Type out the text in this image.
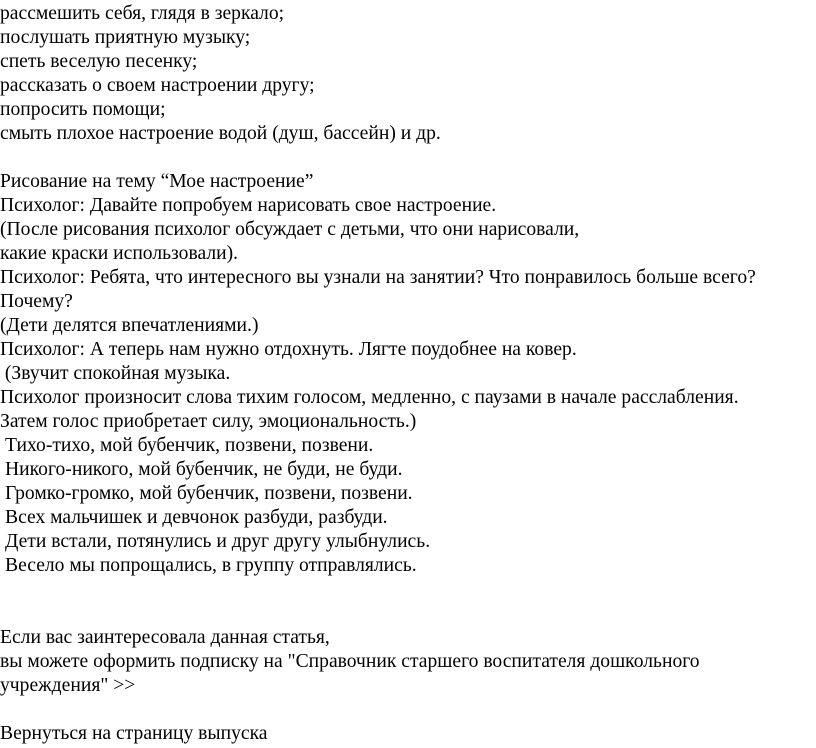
рассмешить себя, глядя в зеркало;
послушать приятную музыку;
спеть веселую песенку;
рассказать о своем настроении другу;
попросить помощи;
смыть плохое настроение водой (душ, бассейн) и др.
Рисование на тему “Мое настроение”
Психолог: Давайте попробуем нарисовать свое настроение.
(После рисования психолог обсуждает с детьми, что они нарисовали,
какие краски использовали).
Психолог: Ребята, что интересного вы узнали на занятии? Что понравилось больше всего?
Почему?
(Дети делятся впечатлениями.)
Психолог: А теперь нам нужно отдохнуть. Лягте поудобнее на ковер.
(Звучит спокойная музыка.
Психолог произносит слова тихим голосом, медленно, с паузами в начале расслабления.
Затем голос приобретает силу, эмоциональность.)
Тихо-тихо, мой бубенчик, позвени, позвени.
Никого-никого, мой бубенчик, не буди, не буди.
Громко-громко, мой бубенчик, позвени, позвени.
Всех мальчишек и девчонок разбуди, разбуди.
Дети встали, потянулись и друг другу улыбнулись.
Весело мы попрощались, в группу отправлялись.
Если вас заинтересовала данная статья,
вы можете оформить подписку на "Справочник старшего воспитателя дошкольного
учреждения" >>
Вернуться на страницу выпуска
